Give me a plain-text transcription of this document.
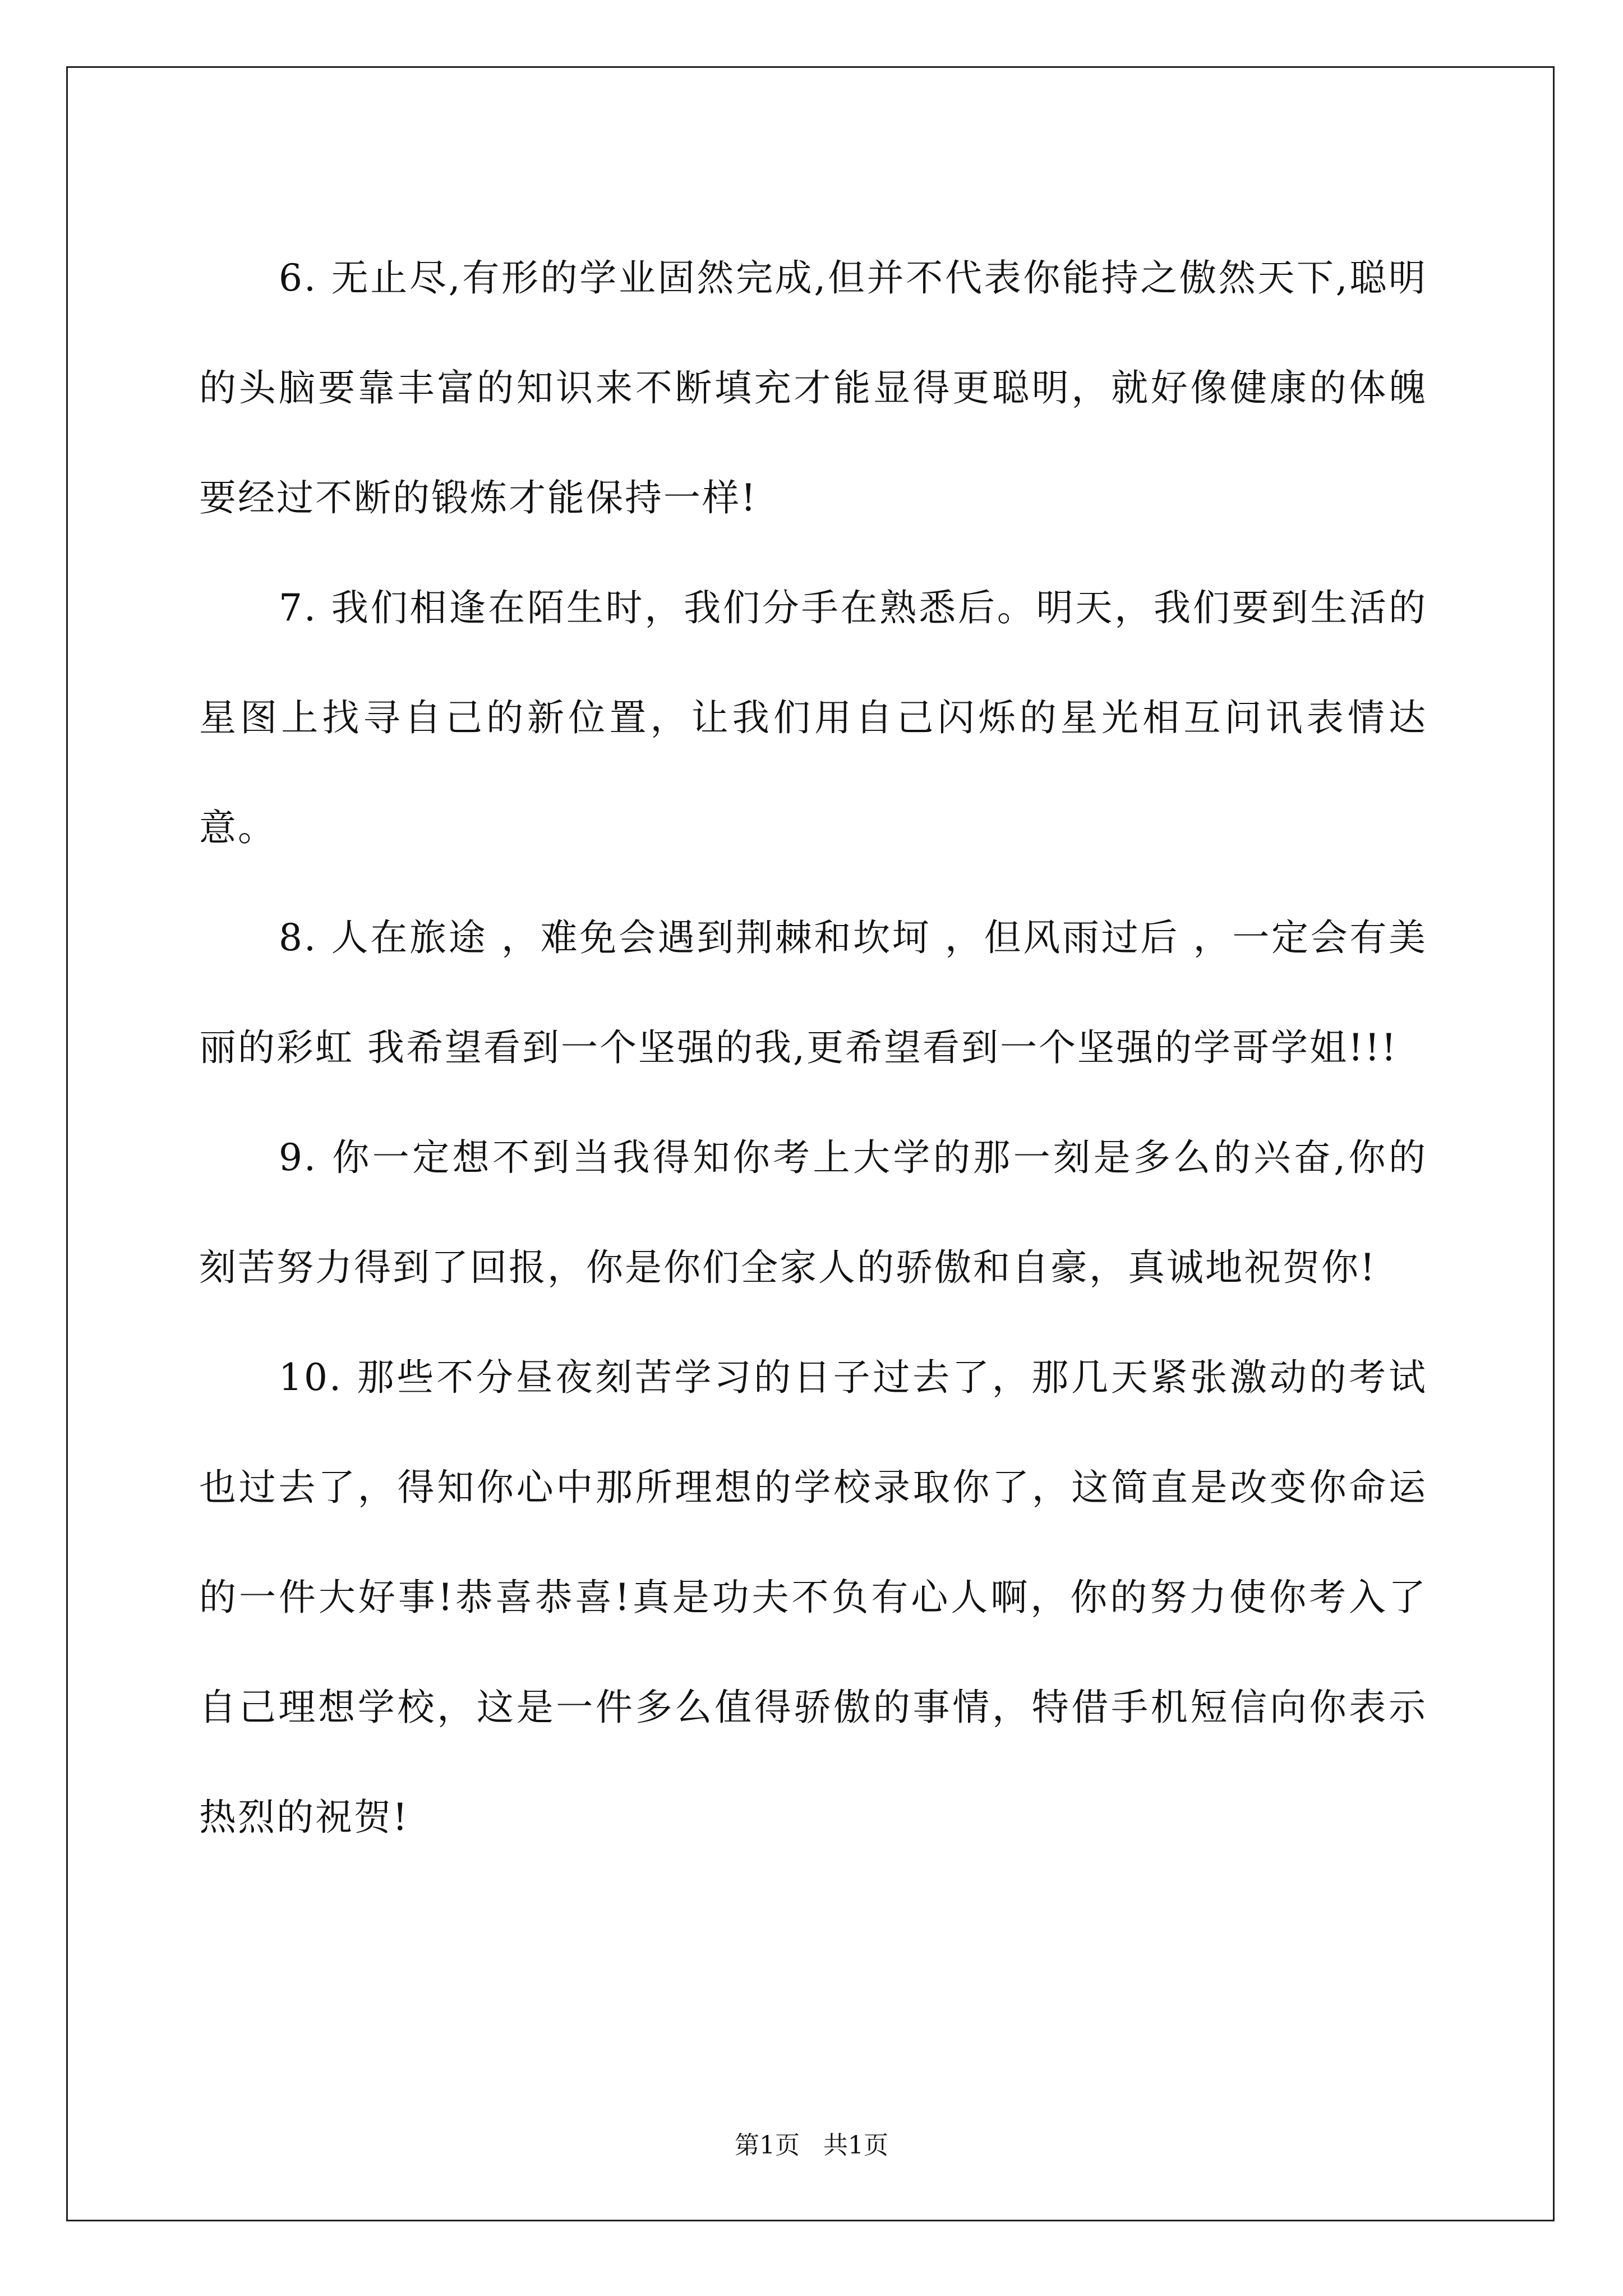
6. 无止尽,有形的学业固然完成,但并不代表你能持之傲然天下,聪明的头脑要靠丰富的知识来不断填充才能显得更聪明，就好像健康的体魄要经过不断的锻炼才能保持一样!

7. 我们相逢在陌生时，我们分手在熟悉后。明天，我们要到生活的星图上找寻自己的新位置，让我们用自己闪烁的星光相互问讯表情达意。

8. 人在旅途 ，难免会遇到荆棘和坎坷 ，但风雨过后 ，一定会有美丽的彩虹 我希望看到一个坚强的我,更希望看到一个坚强的学哥学姐!!!

9. 你一定想不到当我得知你考上大学的那一刻是多么的兴奋,你的刻苦努力得到了回报，你是你们全家人的骄傲和自豪，真诚地祝贺你!

10. 那些不分昼夜刻苦学习的日子过去了，那几天紧张激动的考试也过去了，得知你心中那所理想的学校录取你了，这简直是改变你命运的一件大好事!恭喜恭喜!真是功夫不负有心人啊，你的努力使你考入了自己理想学校，这是一件多么值得骄傲的事情，特借手机短信向你表示热烈的祝贺!

第1页 共1页
